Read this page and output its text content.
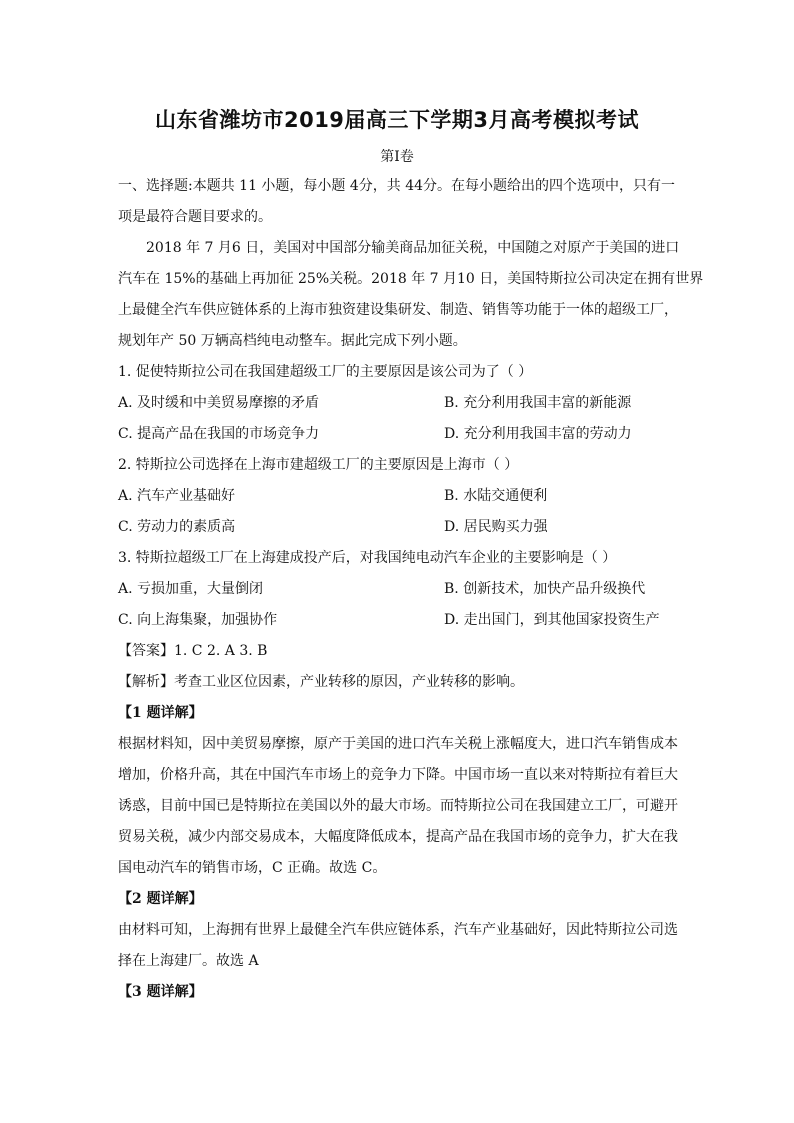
山东省潍坊市2019届高三下学期3月高考模拟考试
第I卷
一、选择题:本题共 11 小题，每小题 4分，共 44分。在每小题给出的四个选项中，只有一
项是最符合题目要求的。
2018 年 7 月6 日，美国对中国部分输美商品加征关税，中国随之对原产于美国的进口
汽车在 15%的基础上再加征 25%关税。2018 年 7 月10 日，美国特斯拉公司决定在拥有世界
上最健全汽车供应链体系的上海市独资建设集研发、制造、销售等功能于一体的超级工厂，
规划年产 50 万辆高档纯电动整车。据此完成下列小题。
1. 促使特斯拉公司在我国建超级工厂的主要原因是该公司为了（ ）
A. 及时缓和中美贸易摩擦的矛盾	B. 充分利用我国丰富的新能源
C. 提高产品在我国的市场竞争力	D. 充分利用我国丰富的劳动力
2. 特斯拉公司选择在上海市建超级工厂的主要原因是上海市（ ）
A. 汽车产业基础好	B. 水陆交通便利
C. 劳动力的素质高	D. 居民购买力强
3. 特斯拉超级工厂在上海建成投产后，对我国纯电动汽车企业的主要影响是（ ）
A. 亏损加重，大量倒闭	B. 创新技术，加快产品升级换代
C. 向上海集聚，加强协作	D. 走出国门，到其他国家投资生产
【答案】1. C 2. A 3. B
【解析】考查工业区位因素，产业转移的原因，产业转移的影响。
【1 题详解】
根据材料知，因中美贸易摩擦，原产于美国的进口汽车关税上涨幅度大，进口汽车销售成本
增加，价格升高，其在中国汽车市场上的竞争力下降。中国市场一直以来对特斯拉有着巨大
诱惑，目前中国已是特斯拉在美国以外的最大市场。而特斯拉公司在我国建立工厂，可避开
贸易关税，减少内部交易成本，大幅度降低成本，提高产品在我国市场的竞争力，扩大在我
国电动汽车的销售市场，C 正确。故选 C。
【2 题详解】
由材料可知，上海拥有世界上最健全汽车供应链体系，汽车产业基础好，因此特斯拉公司选
择在上海建厂。故选 A
【3 题详解】
